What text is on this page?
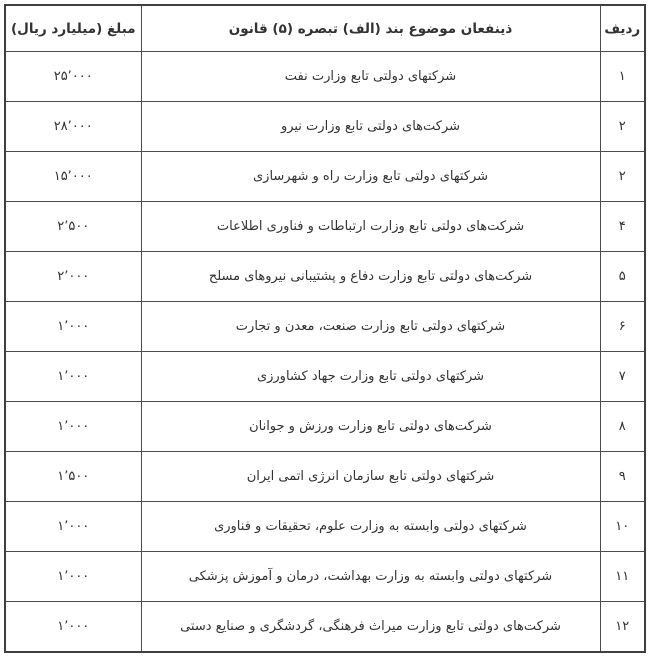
ردیف	ذینفعان موضوع بند (الف) تبصره (۵) قانون	مبلغ (میلیارد ریال)
۱	شرکتهای دولتی تابع وزارت نفت	۲۵٬۰۰۰
۲	شرکت‌های دولتی تابع وزارت نیرو	۲۸٬۰۰۰
۲	شرکتهای دولتی تابع وزارت راه و شهرسازی	۱۵٬۰۰۰
۴	شرکت‌های دولتی تابع وزارت ارتباطات و فناوری اطلاعات	۲٬۵۰۰
۵	شرکت‌های دولتی تابع وزارت دفاع و پشتیبانی نیروهای مسلح	۲٬۰۰۰
۶	شرکتهای دولتی تابع وزارت صنعت، معدن و تجارت	۱٬۰۰۰
۷	شرکتهای دولتی تابع وزارت جهاد کشاورزی	۱٬۰۰۰
۸	شرکت‌های دولتی تابع وزارت ورزش و جوانان	۱٬۰۰۰
۹	شرکتهای دولتی تابع سازمان انرژی اتمی ایران	۱٬۵۰۰
۱۰	شرکتهای دولتی وابسته به وزارت علوم، تحقیقات و فناوری	۱٬۰۰۰
۱۱	شرکتهای دولتی وابسته به وزارت بهداشت، درمان و آموزش پزشکی	۱٬۰۰۰
۱۲	شرکت‌های دولتی تابع وزارت میراث فرهنگی، گردشگری و صنایع دستی	۱٬۰۰۰
